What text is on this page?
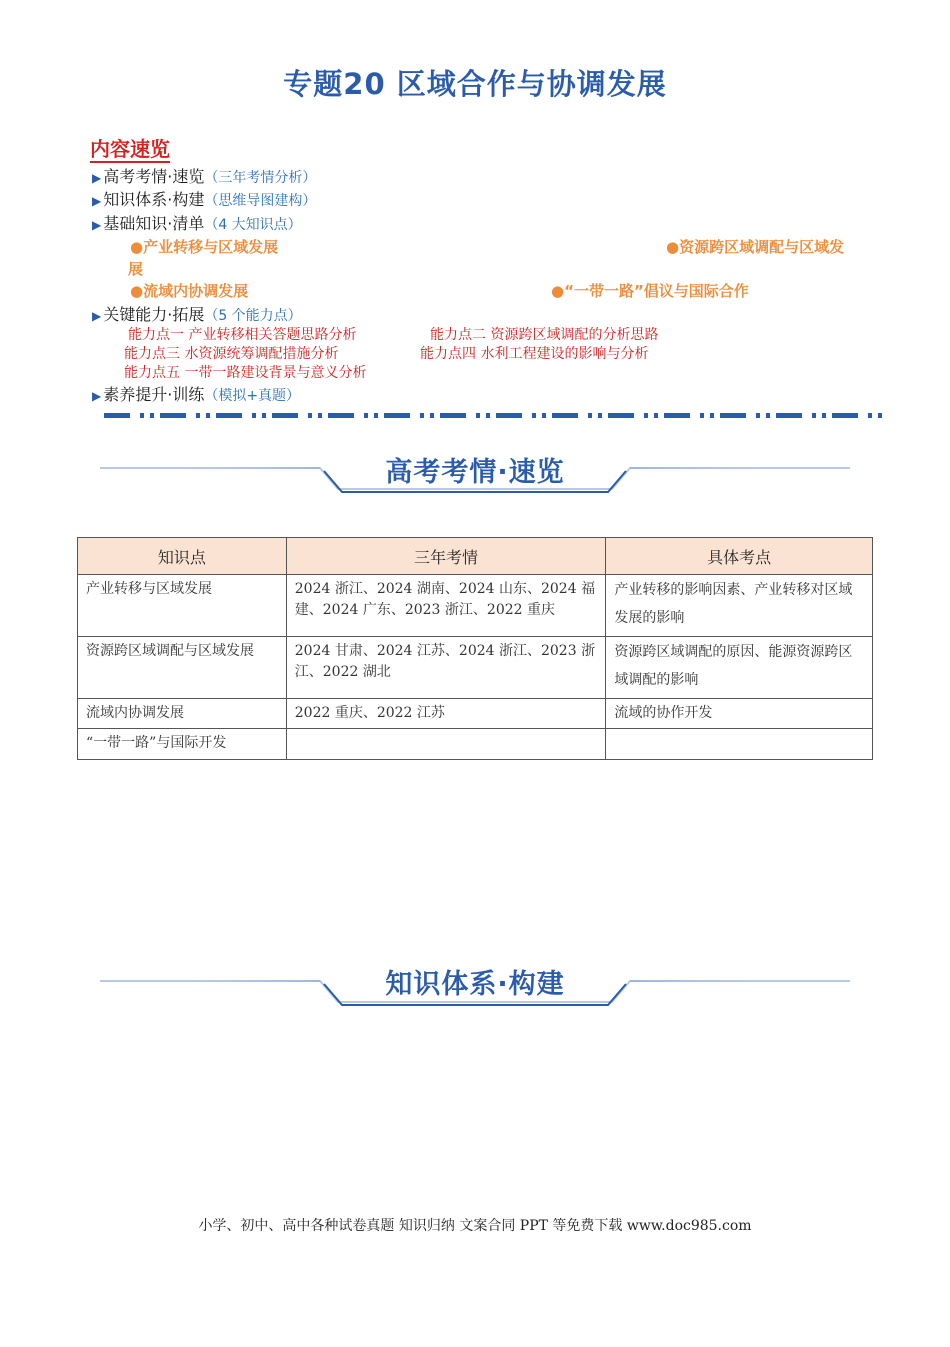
专题20 区域合作与协调发展
内容速览
▶ 高考考情·速览（三年考情分析）
▶ 知识体系·构建（思维导图建构）
▶ 基础知识·清单（4 大知识点）
●产业转移与区域发展	●资源跨区域调配与区域发
展
●流域内协调发展	●“一带一路”倡议与国际合作
▶ 关键能力·拓展（5 个能力点）
能力点一 产业转移相关答题思路分析	能力点二 资源跨区域调配的分析思路
能力点三 水资源统筹调配措施分析	能力点四 水利工程建设的影响与分析
能力点五 一带一路建设背景与意义分析
▶ 素养提升·训练（模拟+真题）
高考考情·速览
知识点	三年考情	具体考点
产业转移与区域发展	2024 浙江、2024 湖南、2024 山东、2024 福建、2024 广东、2023 浙江、2022 重庆	产业转移的影响因素、产业转移对区域发展的影响
资源跨区域调配与区域发展	2024 甘肃、2024 江苏、2024 浙江、2023 浙江、2022 湖北	资源跨区域调配的原因、能源资源跨区域调配的影响
流域内协调发展	2022 重庆、2022 江苏	流域的协作开发
“一带一路”与国际开发		
知识体系·构建
小学、初中、高中各种试卷真题 知识归纳 文案合同 PPT 等免费下载 www.doc985.com
